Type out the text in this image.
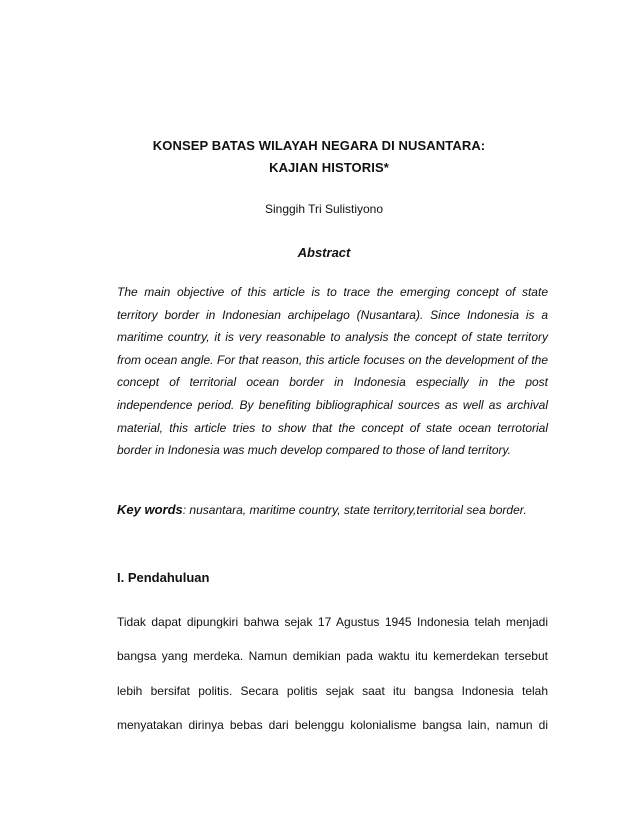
KONSEP BATAS WILAYAH NEGARA DI NUSANTARA:
KAJIAN HISTORIS*
Singgih Tri Sulistiyono
Abstract

The main objective of this article is to trace the emerging concept of state territory border in Indonesian archipelago (Nusantara). Since Indonesia is a maritime country, it is very reasonable to analysis the concept of state territory from ocean angle. For that reason, this article focuses on the development of the concept of territorial ocean border in Indonesia especially in the post independence period. By benefiting bibliographical sources as well as archival material, this article tries to show that the concept of state ocean terrotorial border in Indonesia was much develop compared to those of land territory.

Key words: nusantara, maritime country, state territory,territorial sea border.
I. Pendahuluan

Tidak dapat dipungkiri bahwa sejak 17 Agustus 1945 Indonesia telah menjadi bangsa yang merdeka. Namun demikian pada waktu itu kemerdekan tersebut lebih bersifat politis. Secara politis sejak saat itu bangsa Indonesia telah menyatakan dirinya bebas dari belenggu kolonialisme bangsa lain, namun di
